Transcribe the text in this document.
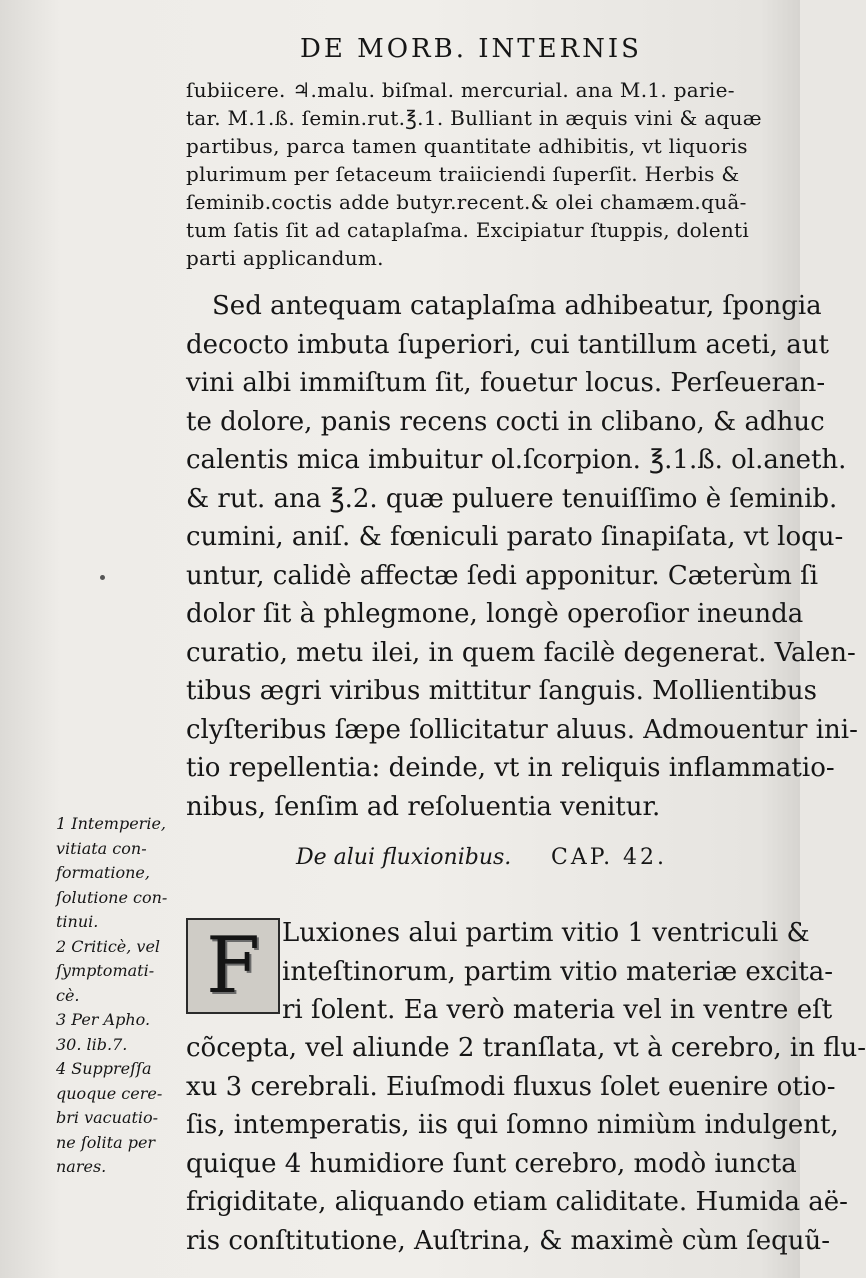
DE MORB. INTERNIS
ſubiicere. ♃.malu. biſmal. mercurial. ana M.1. parie-
tar. M.1.ß. ſemin.rut.℥.1. Bulliant in æquis vini & aquæ
partibus, parca tamen quantitate adhibitis, vt liquoris
plurimum per ſetaceum traiiciendi ſuperſit. Herbis &
ſeminib.coctis adde butyr.recent.& olei chamæm.quã-
tum ſatis ſit ad cataplaſma. Excipiatur ſtuppis, dolenti
parti applicandum.
Sed antequam cataplaſma adhibeatur, ſpongia
decocto imbuta ſuperiori, cui tantillum aceti, aut
vini albi immiſtum ſit, fouetur locus. Perſeueran-
te dolore, panis recens cocti in clibano, & adhuc
calentis mica imbuitur ol.ſcorpion. ℥.1.ß. ol.aneth.
& rut. ana ℥.2. quæ puluere tenuiſſimo è ſeminib.
cumini, aniſ. & fœniculi parato ſinapiſata, vt loqu-
untur, calidè affectæ ſedi apponitur. Cæterùm ſi
dolor ſit à phlegmone, longè operoſior ineunda
curatio, metu ilei, in quem facilè degenerat. Valen-
tibus ægri viribus mittitur ſanguis. Mollientibus
clyſteribus ſæpe ſollicitatur aluus. Admouentur ini-
tio repellentia: deinde, vt in reliquis inflammatio-
nibus, ſenſim ad reſoluentia venitur.
De alui fluxionibus. CAP. 42.
F Luxiones alui partim vitio 1 ventriculi &
inteſtinorum, partim vitio materiæ excita-
ri ſolent. Ea verò materia vel in ventre eſt
cõcepta, vel aliunde 2 tranſlata, vt à cerebro, in flu-
xu 3 cerebrali. Eiuſmodi fluxus ſolet euenire otio-
ſis, intemperatis, iis qui ſomno nimiùm indulgent,
quique 4 humidiore ſunt cerebro, modò iuncta
frigiditate, aliquando etiam caliditate. Humida aë-
ris conſtitutione, Auſtrina, & maximè cùm ſequũ-
1 Intemperie,
vitiata con-
formatione,
ſolutione con-
tinui.
2 Criticè, vel
ſymptomati-
cè.
3 Per Apho.
30. lib.7.
4 Suppreſſa
quoque cere-
bri vacuatio-
ne ſolita per
nares.
